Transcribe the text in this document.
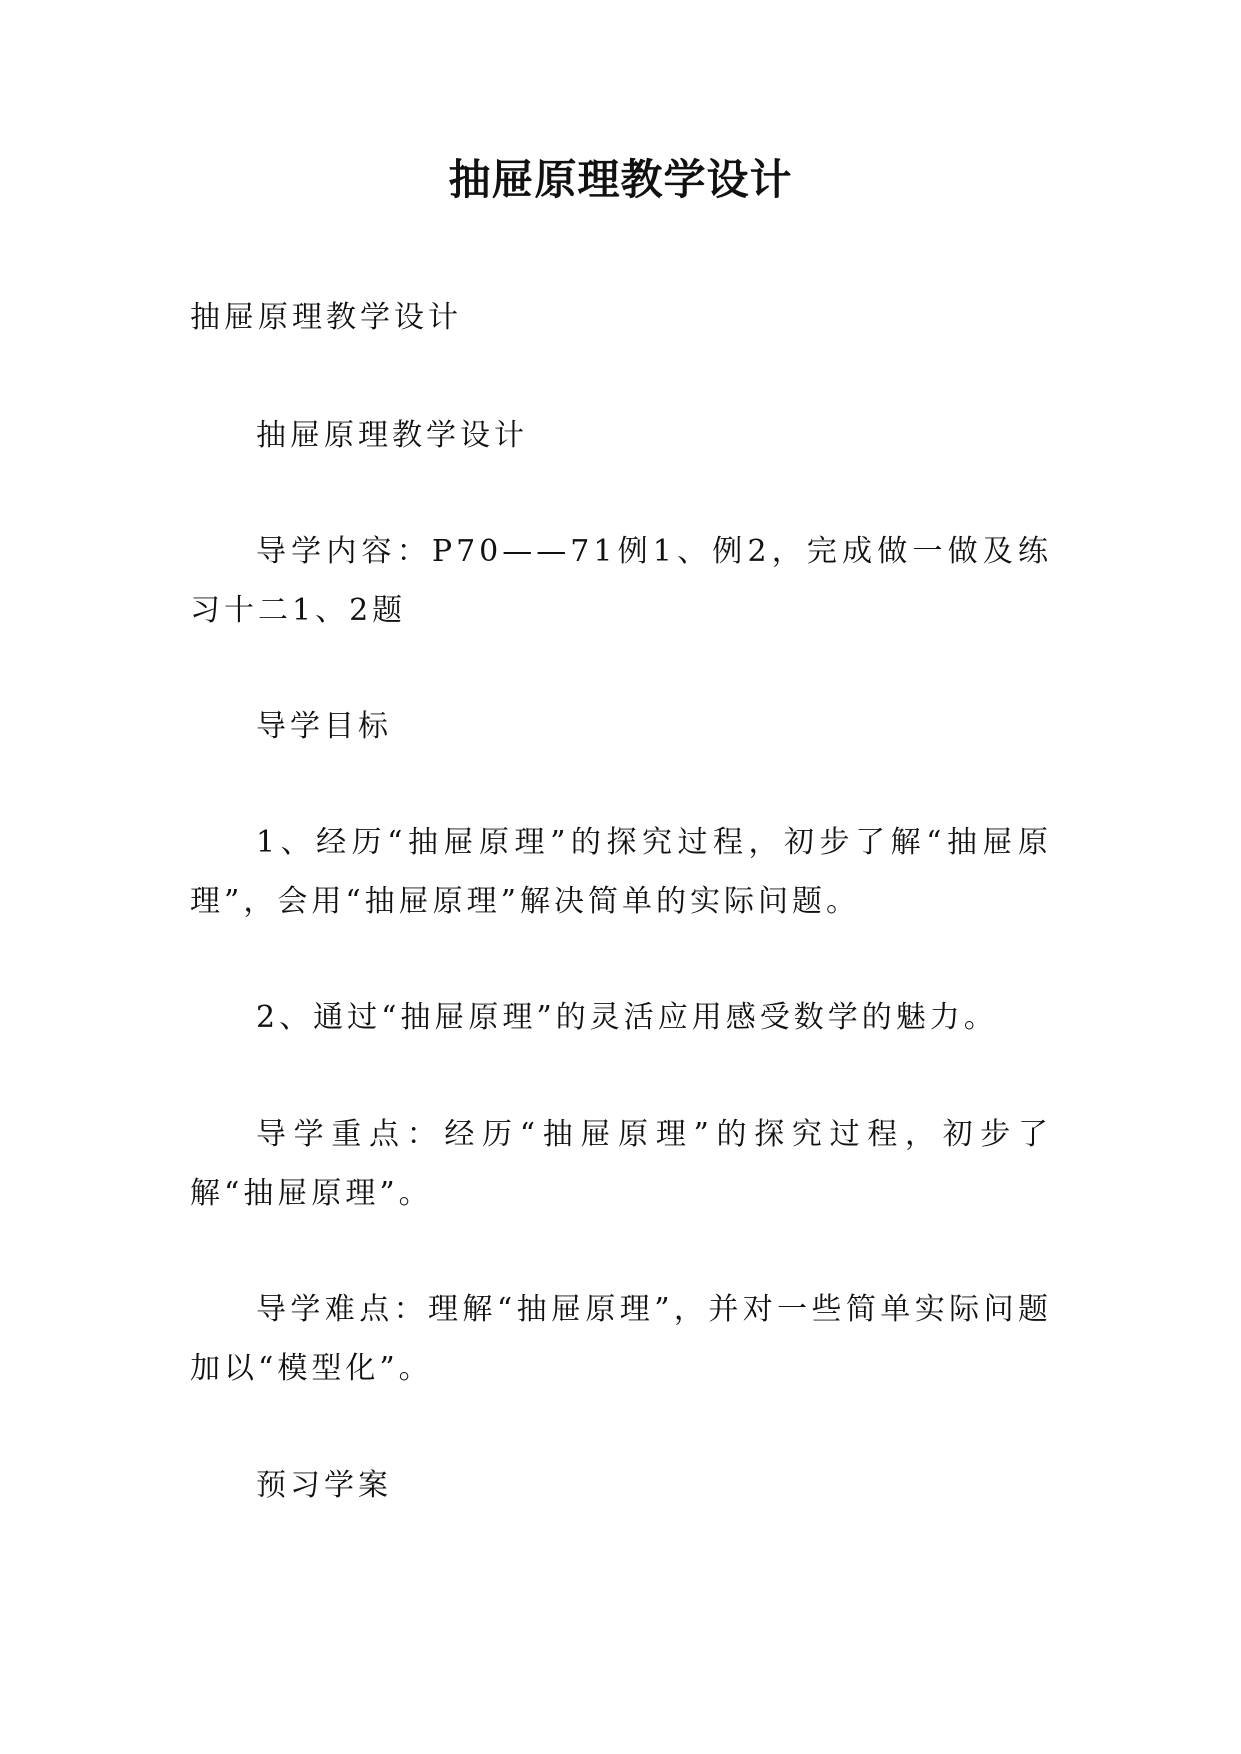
抽屉原理教学设计

抽屉原理教学设计

抽屉原理教学设计

导学内容：P70——71例1、例2，完成做一做及练习十二1、2题

导学目标

1、经历“抽屉原理”的探究过程，初步了解“抽屉原理”，会用“抽屉原理”解决简单的实际问题。

2、通过“抽屉原理”的灵活应用感受数学的魅力。

导学重点：经历“抽屉原理”的探究过程，初步了解“抽屉原理”。

导学难点：理解“抽屉原理”，并对一些简单实际问题加以“模型化”。

预习学案
